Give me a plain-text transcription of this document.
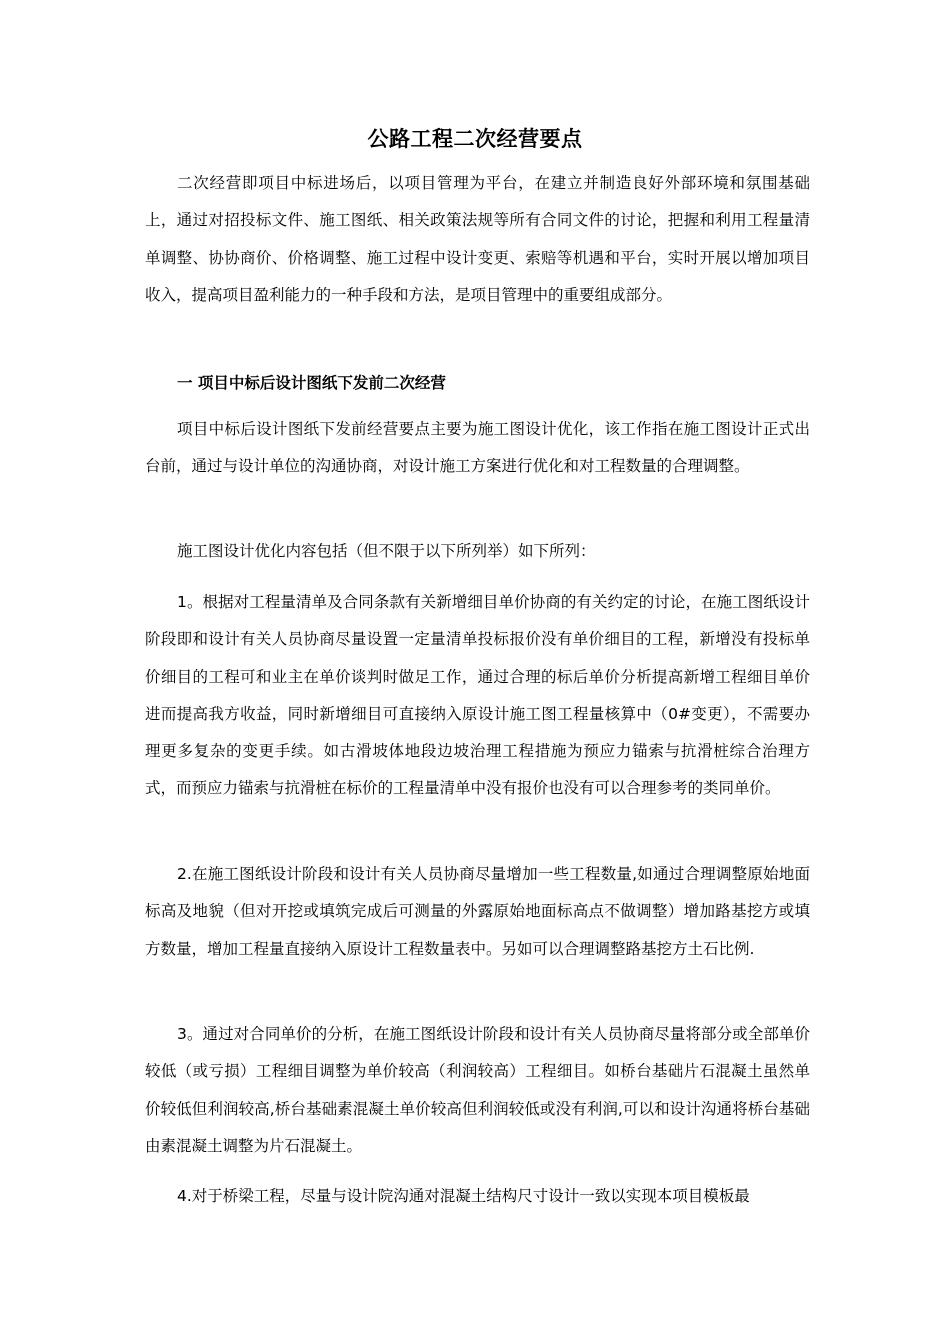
公路工程二次经营要点

二次经营即项目中标进场后，以项目管理为平台，在建立并制造良好外部环境和氛围基础上，通过对招投标文件、施工图纸、相关政策法规等所有合同文件的讨论，把握和利用工程量清单调整、协协商价、价格调整、施工过程中设计变更、索赔等机遇和平台，实时开展以增加项目收入，提高项目盈利能力的一种手段和方法，是项目管理中的重要组成部分。

一 项目中标后设计图纸下发前二次经营

项目中标后设计图纸下发前经营要点主要为施工图设计优化，该工作指在施工图设计正式出台前，通过与设计单位的沟通协商，对设计施工方案进行优化和对工程数量的合理调整。

施工图设计优化内容包括（但不限于以下所列举）如下所列：

1。根据对工程量清单及合同条款有关新增细目单价协商的有关约定的讨论，在施工图纸设计阶段即和设计有关人员协商尽量设置一定量清单投标报价没有单价细目的工程，新增没有投标单价细目的工程可和业主在单价谈判时做足工作，通过合理的标后单价分析提高新增工程细目单价进而提高我方收益，同时新增细目可直接纳入原设计施工图工程量核算中（0#变更），不需要办理更多复杂的变更手续。如古滑坡体地段边坡治理工程措施为预应力锚索与抗滑桩综合治理方式，而预应力锚索与抗滑桩在标价的工程量清单中没有报价也没有可以合理参考的类同单价。

2.在施工图纸设计阶段和设计有关人员协商尽量增加一些工程数量,如通过合理调整原始地面标高及地貌（但对开挖或填筑完成后可测量的外露原始地面标高点不做调整）增加路基挖方或填方数量，增加工程量直接纳入原设计工程数量表中。另如可以合理调整路基挖方土石比例.

3。通过对合同单价的分析，在施工图纸设计阶段和设计有关人员协商尽量将部分或全部单价较低（或亏损）工程细目调整为单价较高（利润较高）工程细目。如桥台基础片石混凝土虽然单价较低但利润较高,桥台基础素混凝土单价较高但利润较低或没有利润,可以和设计沟通将桥台基础由素混凝土调整为片石混凝土。

4.对于桥梁工程，尽量与设计院沟通对混凝土结构尺寸设计一致以实现本项目模板最
